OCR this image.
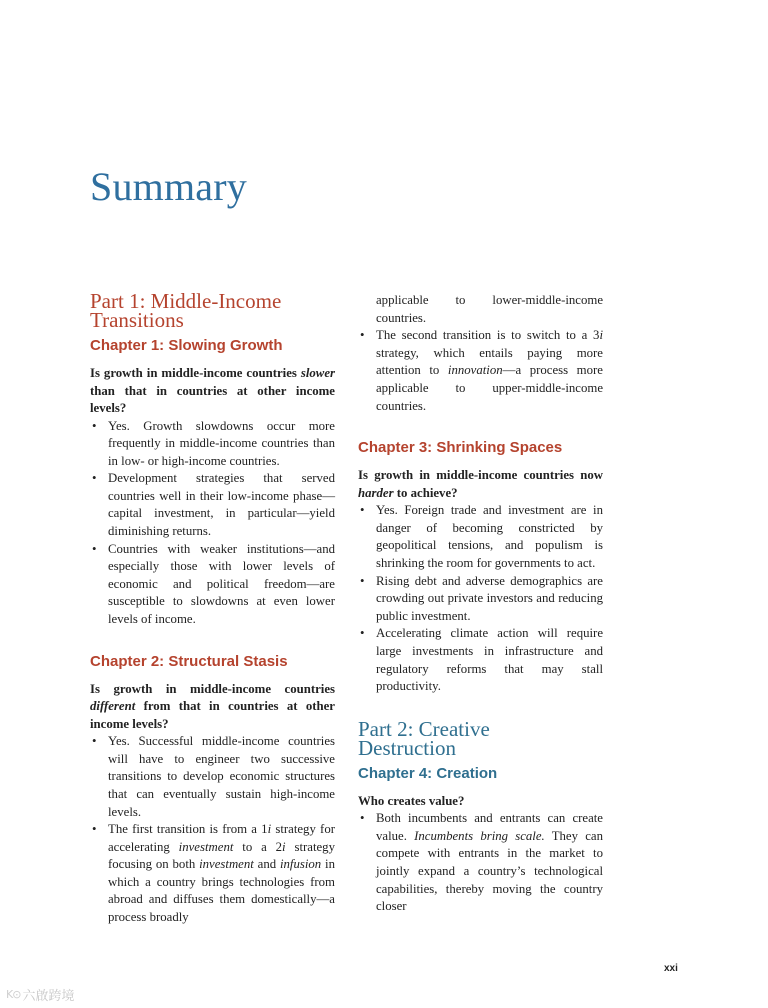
Summary
Part 1: Middle-Income
Transitions
Chapter 1: Slowing Growth

Is growth in middle-income countries slower than that in countries at other income levels?

• Yes. Growth slowdowns occur more frequently in middle-income countries than in low- or high-income countries.
• Development strategies that served countries well in their low-income phase—capital investment, in particular—yield diminishing returns.
• Countries with weaker institutions—and especially those with lower levels of economic and political freedom—are susceptible to slowdowns at even lower levels of income.
Chapter 2: Structural Stasis

Is growth in middle-income countries different from that in countries at other income levels?

• Yes. Successful middle-income countries will have to engineer two successive transitions to develop economic structures that can eventually sustain high-income levels.
• The first transition is from a 1i strategy for accelerating investment to a 2i strategy focusing on both investment and infusion in which a country brings technologies from abroad and diffuses them domestically—a process broadly
applicable to lower-middle-income countries.
• The second transition is to switch to a 3i strategy, which entails paying more attention to innovation—a process more applicable to upper-middle-income countries.
Chapter 3: Shrinking Spaces

Is growth in middle-income countries now harder to achieve?

• Yes. Foreign trade and investment are in danger of becoming constricted by geopolitical tensions, and populism is shrinking the room for governments to act.
• Rising debt and adverse demographics are crowding out private investors and reducing public investment.
• Accelerating climate action will require large investments in infrastructure and regulatory reforms that may stall productivity.
Part 2: Creative
Destruction
Chapter 4: Creation

Who creates value?

• Both incumbents and entrants can create value. Incumbents bring scale. They can compete with entrants in the market to jointly expand a country’s technological capabilities, thereby moving the country closer
xxi
K⊙ 六啟跨境
